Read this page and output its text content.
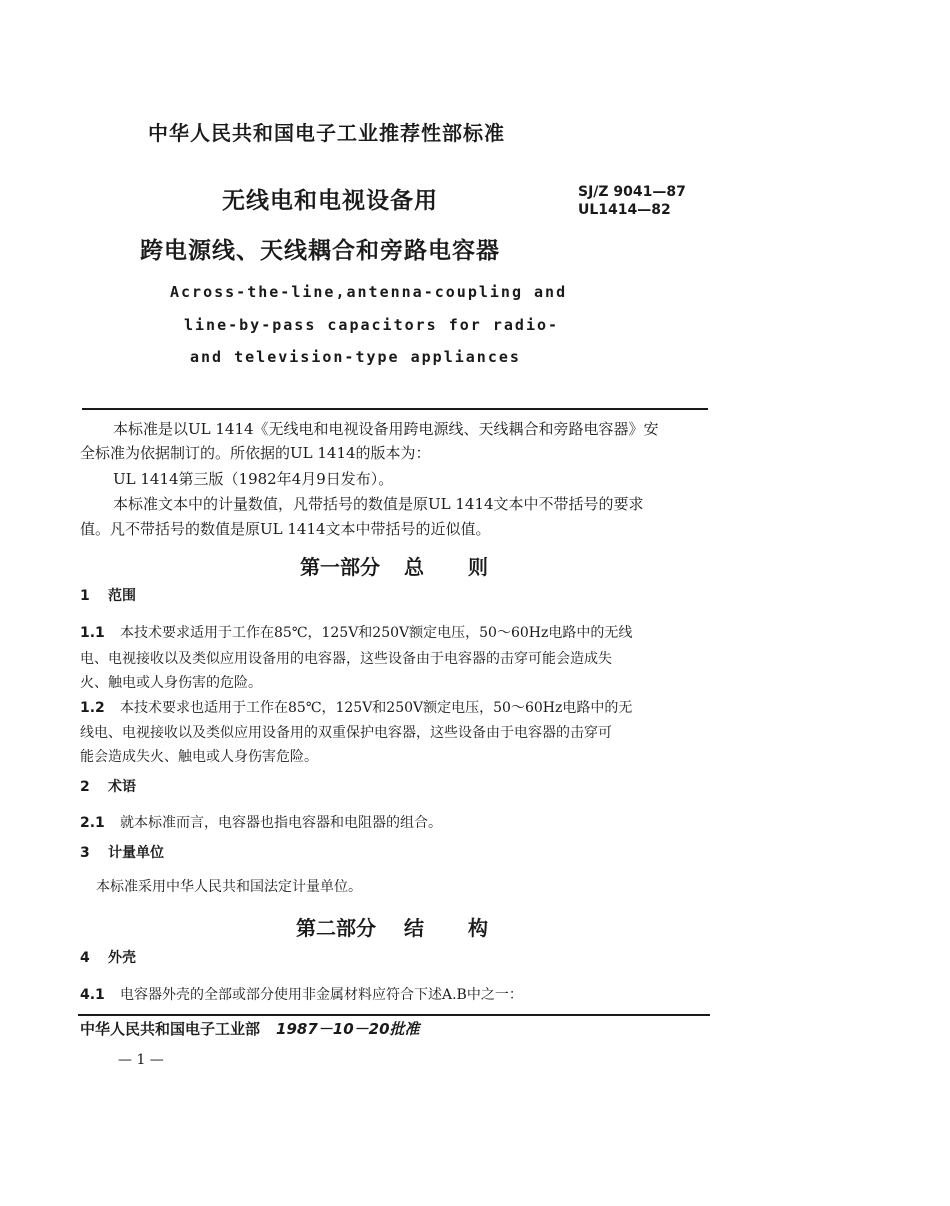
中华人民共和国电子工业推荐性部标准
无线电和电视设备用	SJ/Z 9041—87
UL1414—82
跨电源线、天线耦合和旁路电容器
Across-the-line,antenna-coupling and
line-by-pass capacitors for radio-
and television-type appliances
本标准是以UL 1414《无线电和电视设备用跨电源线、天线耦合和旁路电容器》安
全标准为依据制订的。所依据的UL 1414的版本为：
UL 1414第三版（1982年4月9日发布）。
本标准文本中的计量数值，凡带括号的数值是原UL 1414文本中不带括号的要求
值。凡不带括号的数值是原UL 1414文本中带括号的近似值。
第一部分 总 则
1 范围
1.1 本技术要求适用于工作在85℃，125V和250V额定电压，50～60Hz电路中的无线
电、电视接收以及类似应用设备用的电容器，这些设备由于电容器的击穿可能会造成失
火、触电或人身伤害的危险。
1.2 本技术要求也适用于工作在85℃，125V和250V额定电压，50～60Hz电路中的无
线电、电视接收以及类似应用设备用的双重保护电容器，这些设备由于电容器的击穿可
能会造成失火、触电或人身伤害危险。
2 术语
2.1 就本标准而言，电容器也指电容器和电阻器的组合。
3 计量单位
本标准采用中华人民共和国法定计量单位。
第二部分 结 构
4 外壳
4.1 电容器外壳的全部或部分使用非金属材料应符合下述A.B中之一：
中华人民共和国电子工业部 1987－10－20批准
— 1 —
